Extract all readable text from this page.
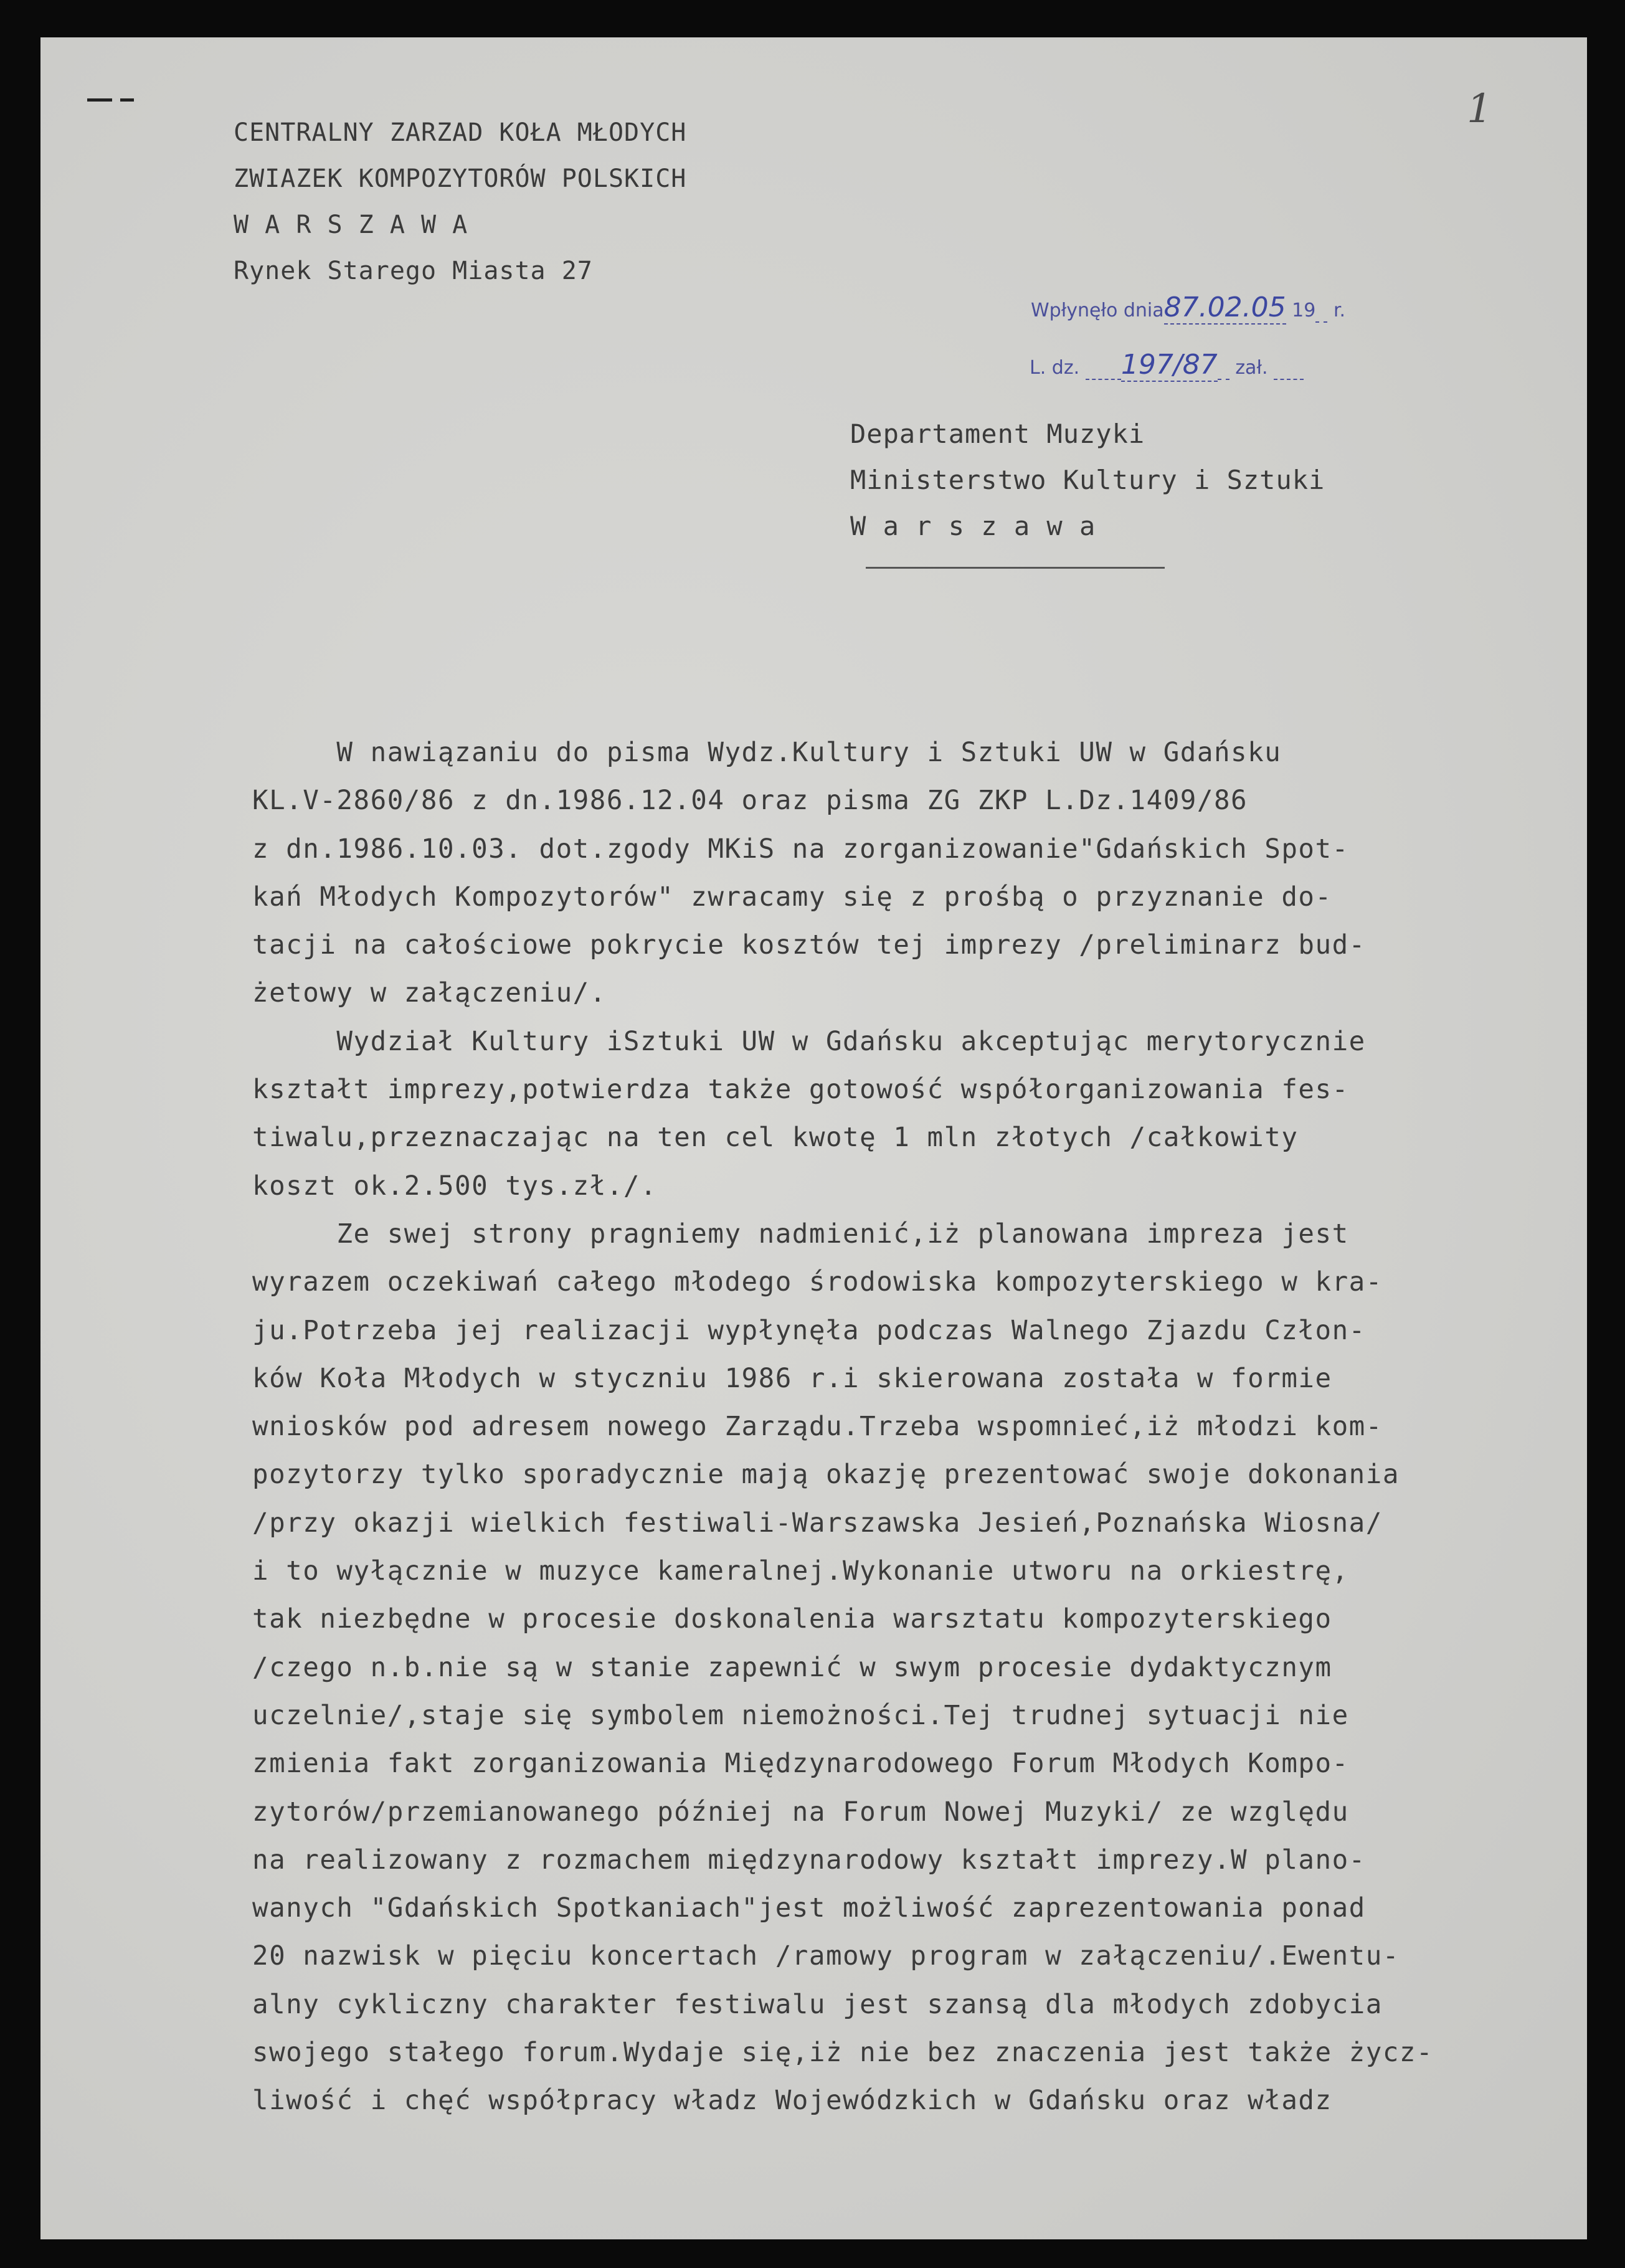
1
CENTRALNY ZARZAD KOŁA MŁODYCH
ZWIAZEK KOMPOZYTORÓW POLSKICH
W A R S Z A W A
Rynek Starego Miasta 27
Wpłynęło dnia87.02.05 19 r.
L. dz. 197/87 zał.
Departament Muzyki
Ministerstwo Kultury i Sztuki
W a r s z a w a
W nawiązaniu do pisma Wydz.Kultury i Sztuki UW w Gdańsku
KL.V-2860/86 z dn.1986.12.04 oraz pisma ZG ZKP L.Dz.1409/86
z dn.1986.10.03. dot.zgody MKiS na zorganizowanie"Gdańskich Spot-
kań Młodych Kompozytorów" zwracamy się z prośbą o przyznanie do-
tacji na całościowe pokrycie kosztów tej imprezy /preliminarz bud-
żetowy w załączeniu/.
Wydział Kultury iSztuki UW w Gdańsku akceptując merytorycznie
kształt imprezy,potwierdza także gotowość współorganizowania fes-
tiwalu,przeznaczając na ten cel kwotę 1 mln złotych /całkowity
koszt ok.2.500 tys.zł./.
Ze swej strony pragniemy nadmienić,iż planowana impreza jest
wyrazem oczekiwań całego młodego środowiska kompozyterskiego w kra-
ju.Potrzeba jej realizacji wypłynęła podczas Walnego Zjazdu Człon-
ków Koła Młodych w styczniu 1986 r.i skierowana została w formie
wniosków pod adresem nowego Zarządu.Trzeba wspomnieć,iż młodzi kom-
pozytorzy tylko sporadycznie mają okazję prezentować swoje dokonania
/przy okazji wielkich festiwali-Warszawska Jesień,Poznańska Wiosna/
i to wyłącznie w muzyce kameralnej.Wykonanie utworu na orkiestrę,
tak niezbędne w procesie doskonalenia warsztatu kompozyterskiego
/czego n.b.nie są w stanie zapewnić w swym procesie dydaktycznym
uczelnie/,staje się symbolem niemożności.Tej trudnej sytuacji nie
zmienia fakt zorganizowania Międzynarodowego Forum Młodych Kompo-
zytorów/przemianowanego później na Forum Nowej Muzyki/ ze względu
na realizowany z rozmachem międzynarodowy kształt imprezy.W plano-
wanych "Gdańskich Spotkaniach"jest możliwość zaprezentowania ponad
20 nazwisk w pięciu koncertach /ramowy program w załączeniu/.Ewentu-
alny cykliczny charakter festiwalu jest szansą dla młodych zdobycia
swojego stałego forum.Wydaje się,iż nie bez znaczenia jest także życz-
liwość i chęć współpracy władz Wojewódzkich w Gdańsku oraz władz
